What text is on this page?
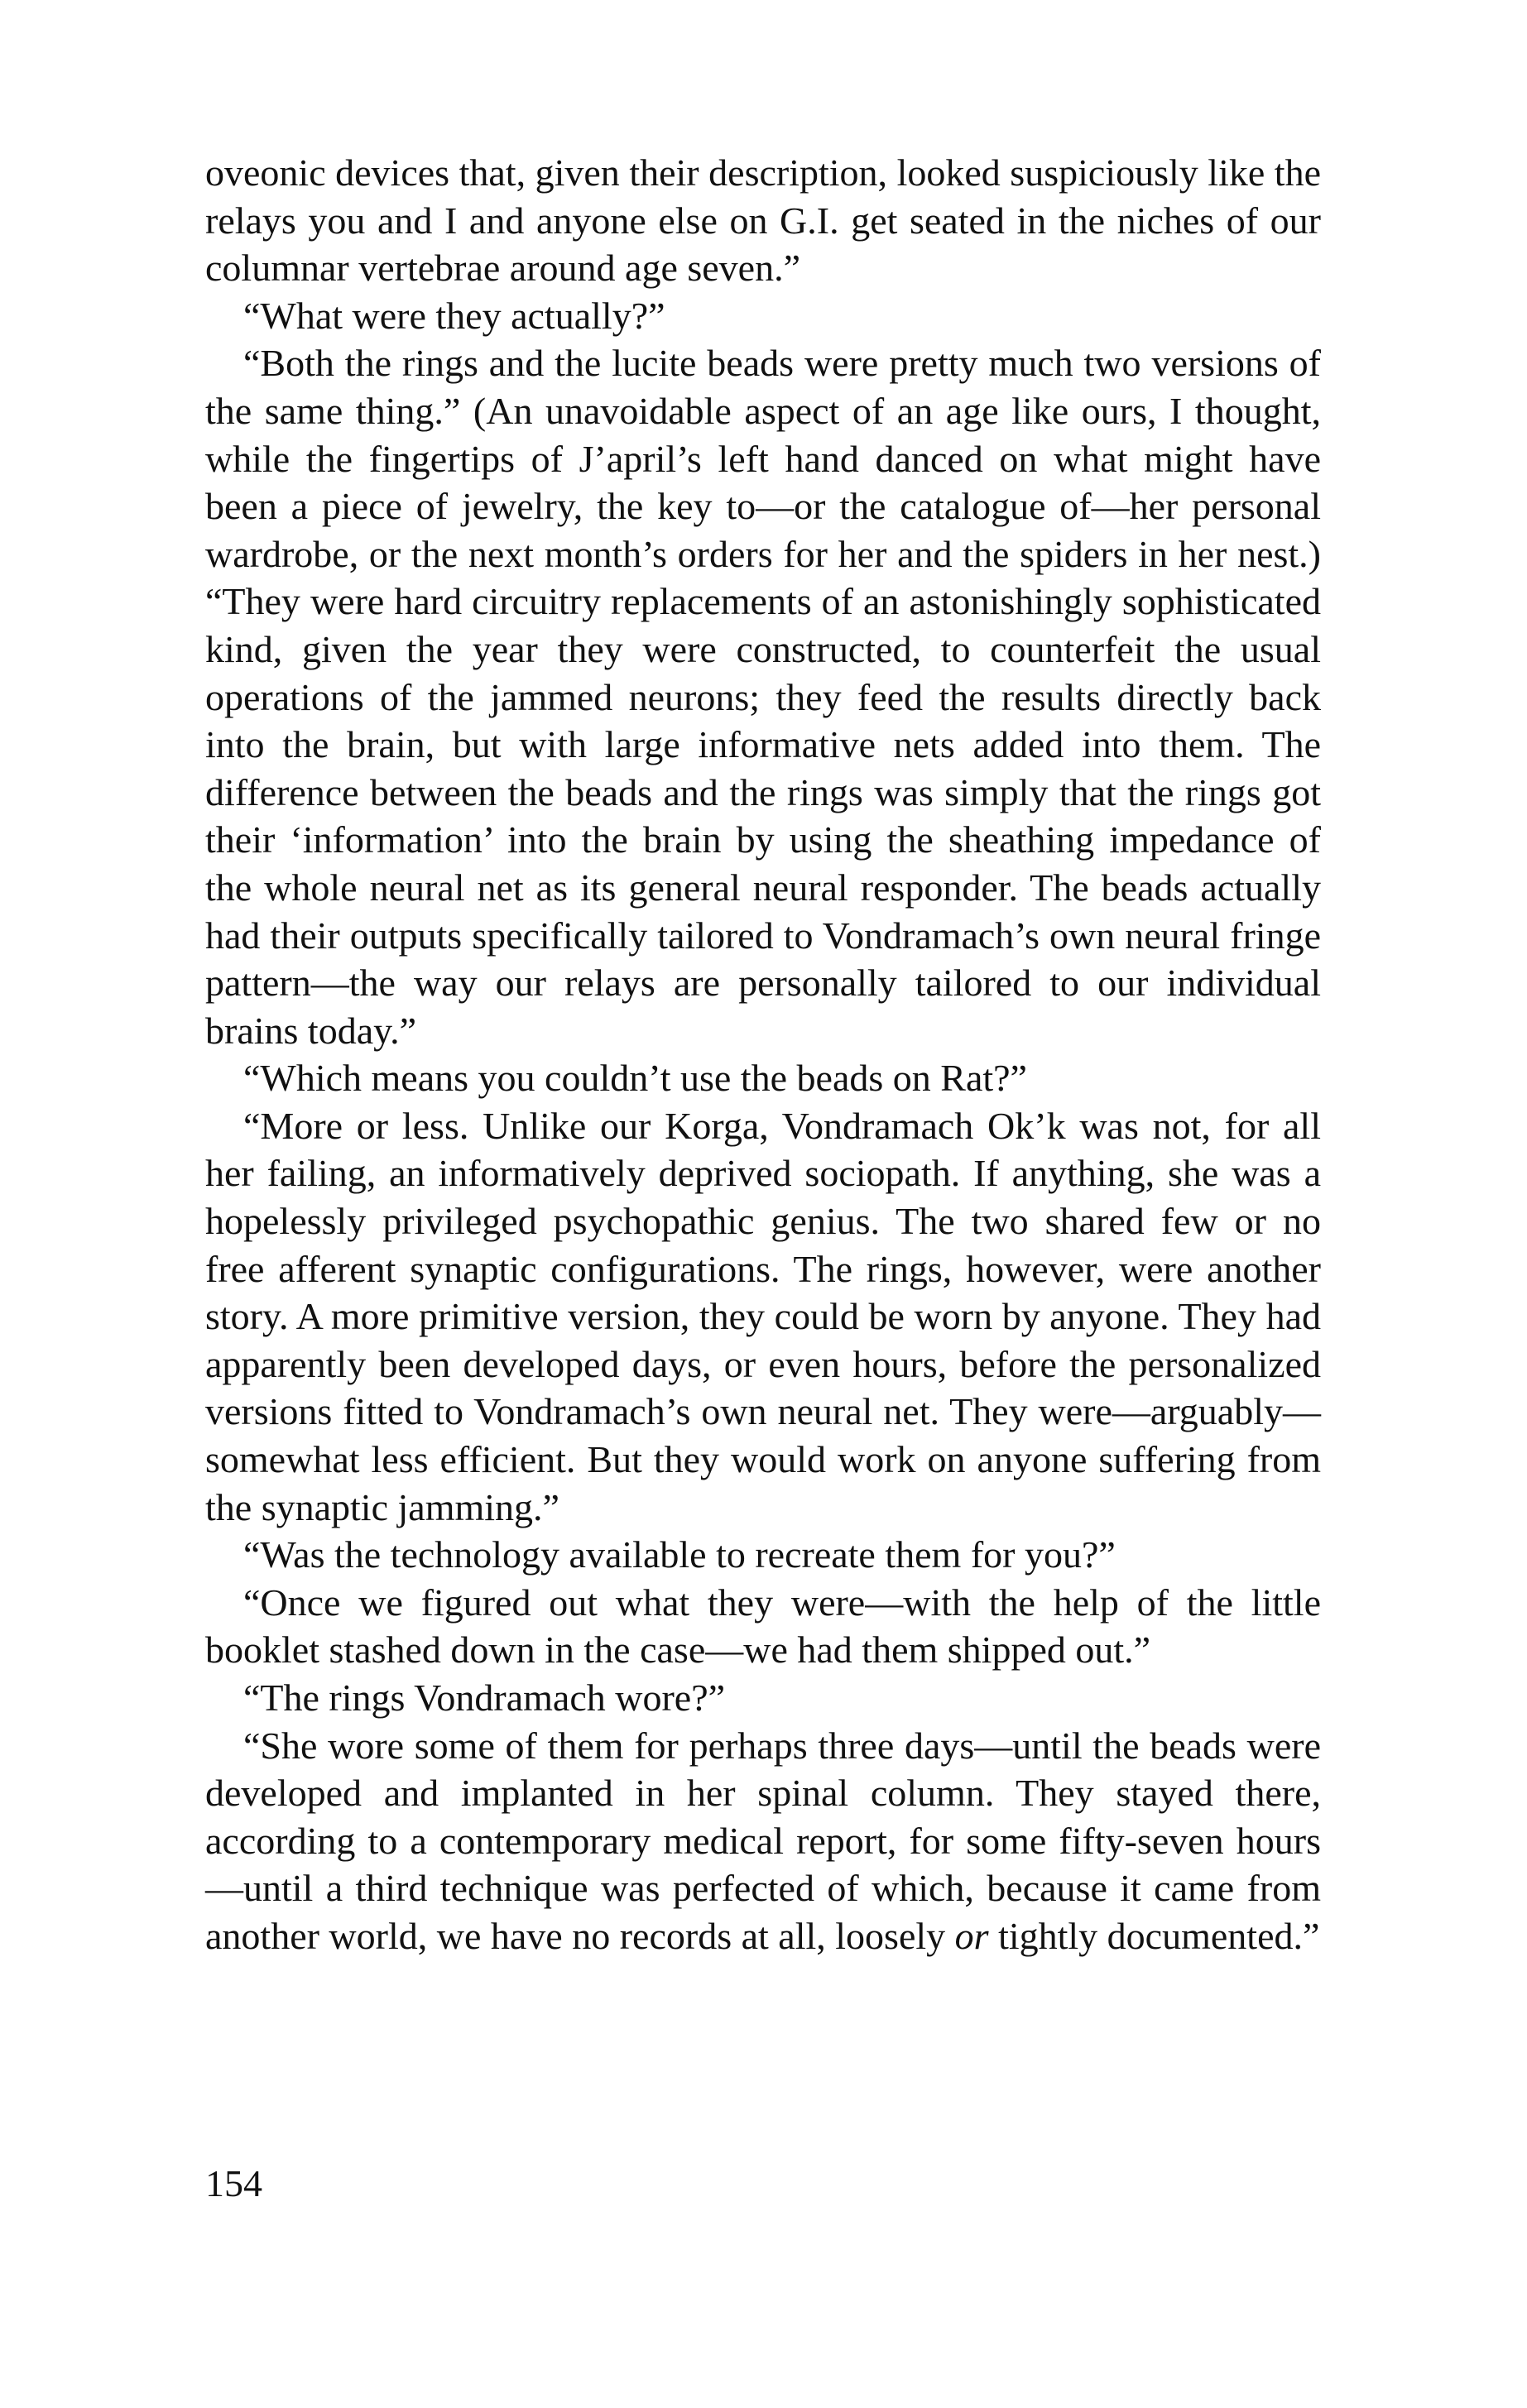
oveonic devices that, given their description, looked suspiciously like the relays you and I and anyone else on G.I. get seated in the niches of our columnar vertebrae around age seven.”

“What were they actually?”

“Both the rings and the lucite beads were pretty much two versions of the same thing.” (An unavoidable aspect of an age like ours, I thought, while the fingertips of J’april’s left hand danced on what might have been a piece of jewelry, the key to—or the catalogue of—her personal wardrobe, or the next month’s orders for her and the spiders in her nest.) “They were hard circuitry replacements of an astonishingly sophisticated kind, given the year they were constructed, to counterfeit the usual operations of the jammed neurons; they feed the results directly back into the brain, but with large informative nets added into them. The difference between the beads and the rings was simply that the rings got their ‘information’ into the brain by using the sheathing impedance of the whole neural net as its general neural responder. The beads actually had their outputs specifically tailored to Vondramach’s own neural fringe pattern—the way our relays are personally tailored to our individual brains today.”

“Which means you couldn’t use the beads on Rat?”

“More or less. Unlike our Korga, Vondramach Ok’k was not, for all her failing, an informatively deprived sociopath. If anything, she was a hopelessly privileged psychopathic genius. The two shared few or no free afferent synaptic configurations. The rings, however, were another story. A more primitive version, they could be worn by anyone. They had apparently been developed days, or even hours, before the personalized versions fitted to Vondramach’s own neural net. They were—arguably—somewhat less efficient. But they would work on anyone suffering from the synaptic jamming.”

“Was the technology available to recreate them for you?”

“Once we figured out what they were—with the help of the little booklet stashed down in the case—we had them shipped out.”

“The rings Vondramach wore?”

“She wore some of them for perhaps three days—until the beads were developed and implanted in her spinal column. They stayed there, according to a contemporary medical report, for some fifty-seven hours—until a third technique was perfected of which, because it came from another world, we have no records at all, loosely or tightly documented.”

154
